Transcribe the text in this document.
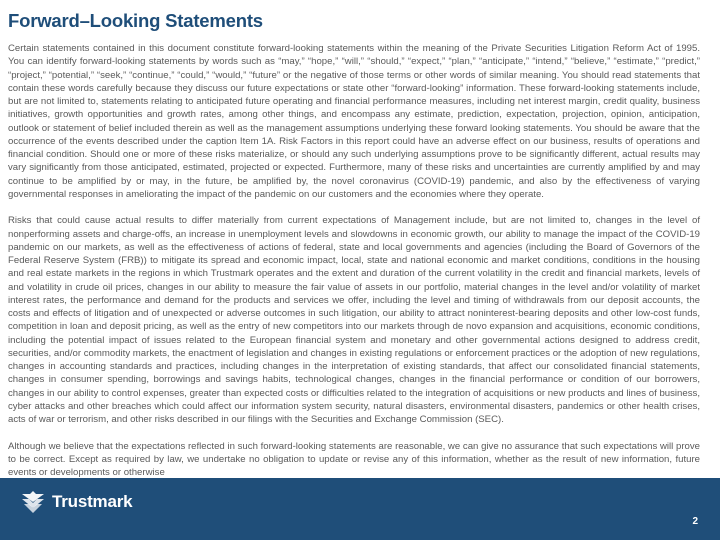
Forward–Looking Statements

Certain statements contained in this document constitute forward-looking statements within the meaning of the Private Securities Litigation Reform Act of 1995. You can identify forward-looking statements by words such as “may,” “hope,” “will,” “should,” “expect,” “plan,” “anticipate,” “intend,” “believe,” “estimate,” “predict,” “project,” “potential,” “seek,” “continue,” “could,” “would,” “future” or the negative of those terms or other words of similar meaning. You should read statements that contain these words carefully because they discuss our future expectations or state other “forward-looking” information. These forward-looking statements include, but are not limited to, statements relating to anticipated future operating and financial performance measures, including net interest margin, credit quality, business initiatives, growth opportunities and growth rates, among other things, and encompass any estimate, prediction, expectation, projection, opinion, anticipation, outlook or statement of belief included therein as well as the management assumptions underlying these forward looking statements. You should be aware that the occurrence of the events described under the caption Item 1A. Risk Factors in this report could have an adverse effect on our business, results of operations and financial condition. Should one or more of these risks materialize, or should any such underlying assumptions prove to be significantly different, actual results may vary significantly from those anticipated, estimated, projected or expected. Furthermore, many of these risks and uncertainties are currently amplified by and may continue to be amplified by or may, in the future, be amplified by, the novel coronavirus (COVID-19) pandemic, and also by the effectiveness of varying governmental responses in ameliorating the impact of the pandemic on our customers and the economies where they operate.

Risks that could cause actual results to differ materially from current expectations of Management include, but are not limited to, changes in the level of nonperforming assets and charge-offs, an increase in unemployment levels and slowdowns in economic growth, our ability to manage the impact of the COVID-19 pandemic on our markets, as well as the effectiveness of actions of federal, state and local governments and agencies (including the Board of Governors of the Federal Reserve System (FRB)) to mitigate its spread and economic impact, local, state and national economic and market conditions, conditions in the housing and real estate markets in the regions in which Trustmark operates and the extent and duration of the current volatility in the credit and financial markets, levels of and volatility in crude oil prices, changes in our ability to measure the fair value of assets in our portfolio, material changes in the level and/or volatility of market interest rates, the performance and demand for the products and services we offer, including the level and timing of withdrawals from our deposit accounts, the costs and effects of litigation and of unexpected or adverse outcomes in such litigation, our ability to attract noninterest-bearing deposits and other low-cost funds, competition in loan and deposit pricing, as well as the entry of new competitors into our markets through de novo expansion and acquisitions, economic conditions, including the potential impact of issues related to the European financial system and monetary and other governmental actions designed to address credit, securities, and/or commodity markets, the enactment of legislation and changes in existing regulations or enforcement practices or the adoption of new regulations, changes in accounting standards and practices, including changes in the interpretation of existing standards, that affect our consolidated financial statements, changes in consumer spending, borrowings and savings habits, technological changes, changes in the financial performance or condition of our borrowers, changes in our ability to control expenses, greater than expected costs or difficulties related to the integration of acquisitions or new products and lines of business, cyber attacks and other breaches which could affect our information system security, natural disasters, environmental disasters, pandemics or other health crises, acts of war or terrorism, and other risks described in our filings with the Securities and Exchange Commission (SEC).

Although we believe that the expectations reflected in such forward-looking statements are reasonable, we can give no assurance that such expectations will prove to be correct. Except as required by law, we undertake no obligation to update or revise any of this information, whether as the result of new information, future events or developments or otherwise

Trustmark
2
